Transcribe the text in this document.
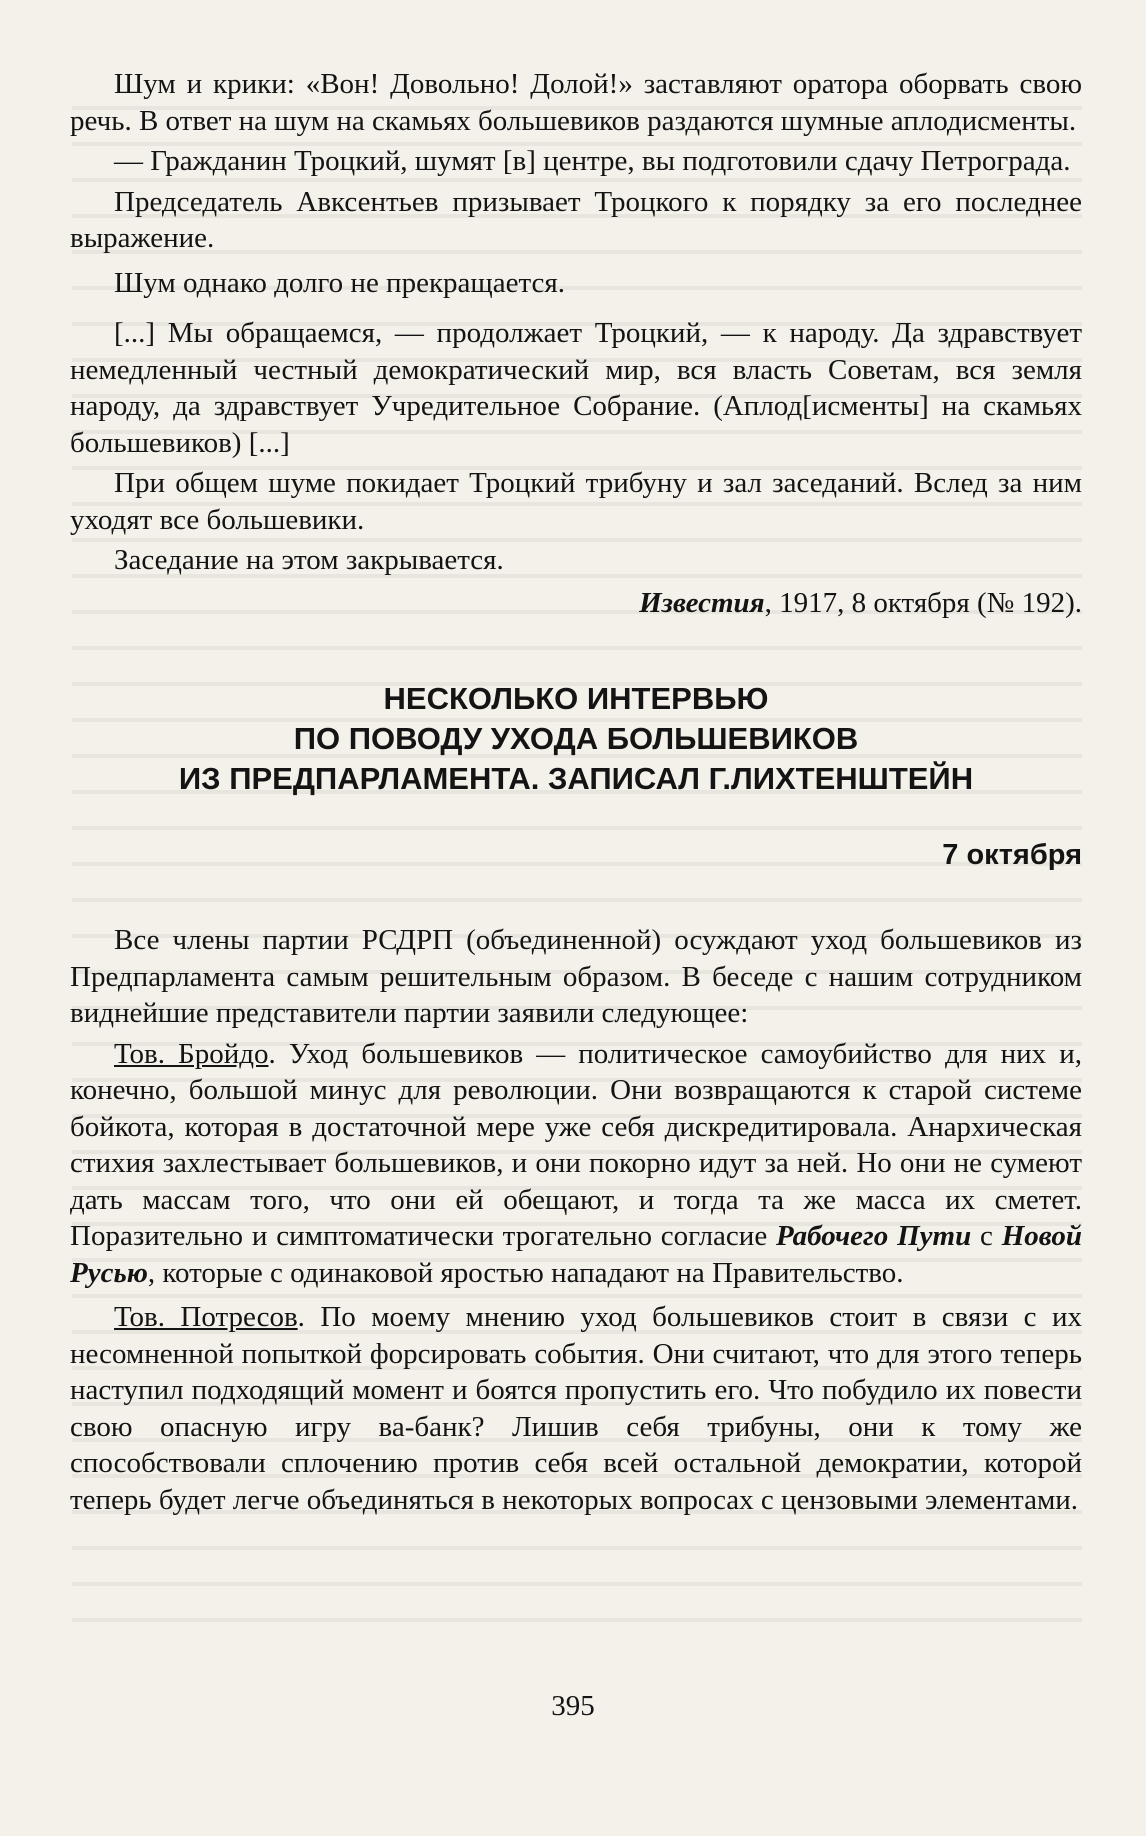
Шум и крики: «Вон! Довольно! Долой!» заставляют оратора оборвать свою речь. В ответ на шум на скамьях большевиков раздаются шумные аплодисменты.

— Гражданин Троцкий, шумят [в] центре, вы подготовили сдачу Петрограда.

Председатель Авксентьев призывает Троцкого к порядку за его последнее выражение.

Шум однако долго не прекращается.

[...] Мы обращаемся, — продолжает Троцкий, — к народу. Да здравствует немедленный честный демократический мир, вся власть Советам, вся земля народу, да здравствует Учредительное Собрание. (Аплод[исменты] на скамьях большевиков) [...]

При общем шуме покидает Троцкий трибуну и зал заседаний. Вслед за ним уходят все большевики.

Заседание на этом закрывается.

Известия, 1917, 8 октября (№ 192).

НЕСКОЛЬКО ИНТЕРВЬЮ
ПО ПОВОДУ УХОДА БОЛЬШЕВИКОВ
ИЗ ПРЕДПАРЛАМЕНТА. ЗАПИСАЛ Г.ЛИХТЕНШТЕЙН
7 октября

Все члены партии РСДРП (объединенной) осуждают уход большевиков из Предпарламента самым решительным образом. В беседе с нашим сотрудником виднейшие представители партии заявили следующее:

Тов. Бройдо. Уход большевиков — политическое самоубийство для них и, конечно, большой минус для революции. Они возвращаются к старой системе бойкота, которая в достаточной мере уже себя дискредитировала. Анархическая стихия захлестывает большевиков, и они покорно идут за ней. Но они не сумеют дать массам того, что они ей обещают, и тогда та же масса их сметет. Поразительно и симптоматически трогательно согласие Рабочего Пути с Новой Русью, которые с одинаковой яростью нападают на Правительство.

Тов. Потресов. По моему мнению уход большевиков стоит в связи с их несомненной попыткой форсировать события. Они считают, что для этого теперь наступил подходящий момент и боятся пропустить его. Что побудило их повести свою опасную игру ва-банк? Лишив себя трибуны, они к тому же способствовали сплочению против себя всей остальной демократии, которой теперь будет легче объединяться в некоторых вопросах с цензовыми элементами.

395
